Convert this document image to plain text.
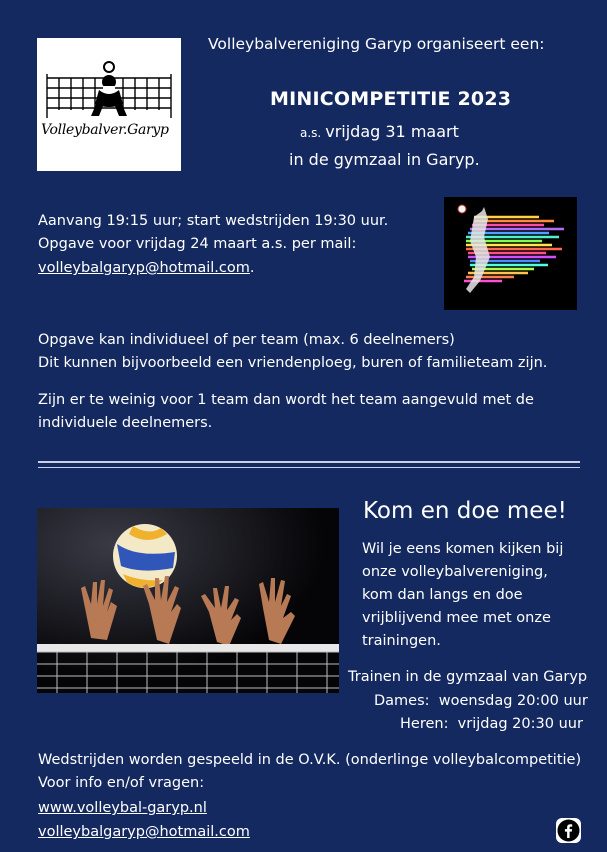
Volleybalver.Garyp
Volleybalvereniging Garyp organiseert een:
MINICOMPETITIE 2023
a.s. vrijdag 31 maart
in de gymzaal in Garyp.
Aanvang 19:15 uur; start wedstrijden 19:30 uur.
Opgave voor vrijdag 24 maart a.s. per mail:
volleybalgaryp@hotmail.com.
Opgave kan individueel of per team (max. 6 deelnemers)
Dit kunnen bijvoorbeeld een vriendenploeg, buren of familieteam zijn.
Zijn er te weinig voor 1 team dan wordt het team aangevuld met de
individuele deelnemers.
Kom en doe mee!
Wil je eens komen kijken bij
onze volleybalvereniging,
kom dan langs en doe
vrijblijvend mee met onze
trainingen.
Trainen in de gymzaal van Garyp
Dames:  woensdag 20:00 uur
Heren:  vrijdag 20:30 uur
Wedstrijden worden gespeeld in de O.V.K. (onderlinge volleybalcompetitie)
Voor info en/of vragen:
www.volleybal-garyp.nl
volleybalgaryp@hotmail.com
